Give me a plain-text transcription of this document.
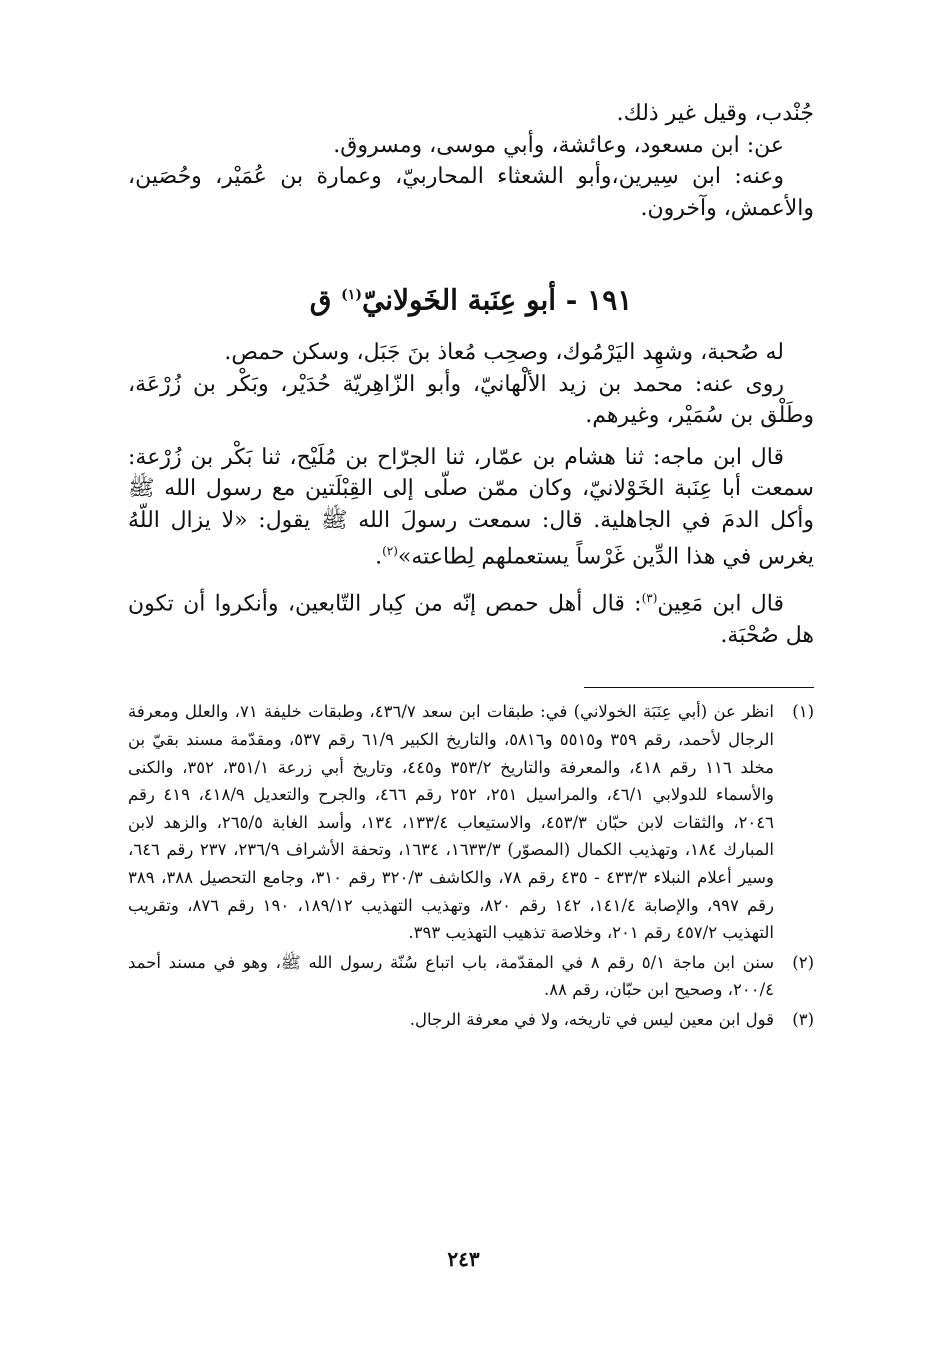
جُنْدب، وقيل غير ذلك.

عن: ابن مسعود، وعائشة، وأبي موسى، ومسروق.

وعنه: ابن سِيرين،وأبو الشعثاء المحاربيّ، وعمارة بن عُمَيْر، وحُصَين، والأعمش، وآخرون.

١٩١ - أبو عِنَبة الخَولانيّ$^{(١)}$ ق

له صُحبة، وشهِد اليَرْمُوك، وصحِب مُعاذ بنَ جَبَل، وسكن حمص.

روى عنه: محمد بن زيد الألْهانيّ، وأبو الزّاهِريّة حُدَيْر، وبَكْر بن زُرْعَة، وطَلْق بن سُمَيْر، وغيرهم.

قال ابن ماجه: ثنا هشام بن عمّار، ثنا الجرّاح بن مُلَيْح، ثنا بَكْر بن زُرْعة: سمعت أبا عِنَبة الخَوْلانيّ، وكان ممّن صلّى إلى القِبْلَتين مع رسول الله ﷺ وأكل الدمَ في الجاهلية. قال: سمعت رسولَ الله ﷺ يقول: «لا يزال اللّهُ يغرس في هذا الدِّين غَرْساً يستعملهم لِطاعته»$^{(٢)}$.

قال ابن مَعِين$^{(٣)}$: قال أهل حمص إنّه من كِبار التّابعين، وأنكروا أن تكون هل صُحْبَة.

(١)
انظر عن (أبي عِنَبَة الخولاني) في: طبقات ابن سعد ٤٣٦/٧، وطبقات خليفة ٧١، والعلل ومعرفة الرجال لأحمد، رقم ٣٥٩ و٥٥١٥ و٥٨١٦، والتاريخ الكبير ٦١/٩ رقم ٥٣٧، ومقدّمة مسند بقيّ بن مخلد ١١٦ رقم ٤١٨، والمعرفة والتاريخ ٣٥٣/٢ و٤٤٥، وتاريخ أبي زرعة ٣٥١/١، ٣٥٢، والكنى والأسماء للدولابي ٤٦/١، والمراسيل ٢٥١، ٢٥٢ رقم ٤٦٦، والجرح والتعديل ٤١٨/٩، ٤١٩ رقم ٢٠٤٦، والثقات لابن حبّان ٤٥٣/٣، والاستيعاب ١٣٣/٤، ١٣٤، وأسد الغابة ٢٦٥/٥، والزهد لابن المبارك ١٨٤، وتهذيب الكمال (المصوّر) ١٦٣٣/٣، ١٦٣٤، وتحفة الأشراف ٢٣٦/٩، ٢٣٧ رقم ٦٤٦، وسير أعلام النبلاء ٤٣٣/٣ - ٤٣٥ رقم ٧٨، والكاشف ٣٢٠/٣ رقم ٣١٠، وجامع التحصيل ٣٨٨، ٣٨٩ رقم ٩٩٧، والإصابة ١٤١/٤، ١٤٢ رقم ٨٢٠، وتهذيب التهذيب ١٨٩/١٢، ١٩٠ رقم ٨٧٦، وتقريب التهذيب ٤٥٧/٢ رقم ٢٠١، وخلاصة تذهيب التهذيب ٣٩٣.

(٢)
سنن ابن ماجة ٥/١ رقم ٨ في المقدّمة، باب اتباع سُنّة رسول الله ﷺ، وهو في مسند أحمد ٢٠٠/٤، وصحيح ابن حبّان، رقم ٨٨.

(٣)
قول ابن معين ليس في تاريخه، ولا في معرفة الرجال.

٢٤٣
